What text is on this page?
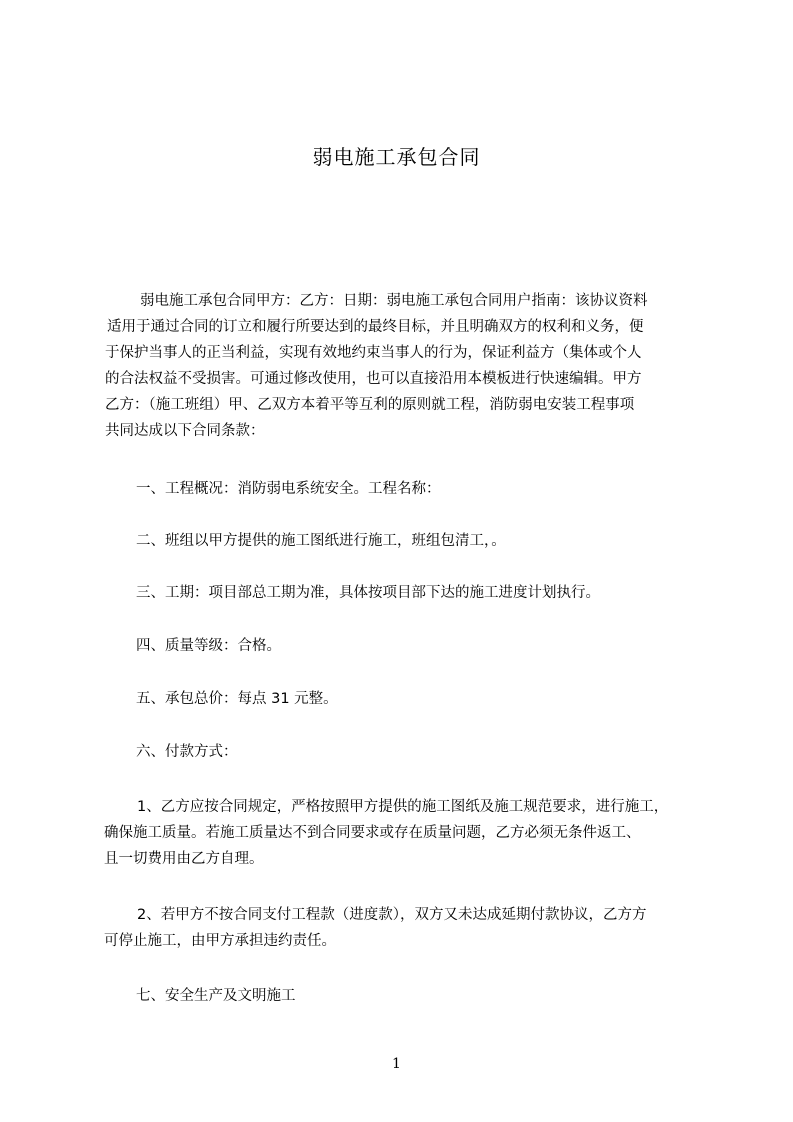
弱电施工承包合同
弱电施工承包合同甲方：乙方：日期：弱电施工承包合同用户指南：该协议资料
适用于通过合同的订立和履行所要达到的最终目标，并且明确双方的权利和义务，便
于保护当事人的正当利益，实现有效地约束当事人的行为，保证利益方（集体或个人
的合法权益不受损害。可通过修改使用，也可以直接沿用本模板进行快速编辑。甲方
乙方：（施工班组）甲、乙双方本着平等互利的原则就工程，消防弱电安装工程事项
共同达成以下合同条款：
一、工程概况：消防弱电系统安全。工程名称：
二、班组以甲方提供的施工图纸进行施工，班组包清工，。
三、工期：项目部总工期为准，具体按项目部下达的施工进度计划执行。
四、质量等级：合格。
五、承包总价：每点 31 元整。
六、付款方式：
1、乙方应按合同规定，严格按照甲方提供的施工图纸及施工规范要求，进行施工，
确保施工质量。若施工质量达不到合同要求或存在质量问题，乙方必须无条件返工、
且一切费用由乙方自理。
2、若甲方不按合同支付工程款（进度款），双方又未达成延期付款协议，乙方方
可停止施工，由甲方承担违约责任。
七、安全生产及文明施工
1
